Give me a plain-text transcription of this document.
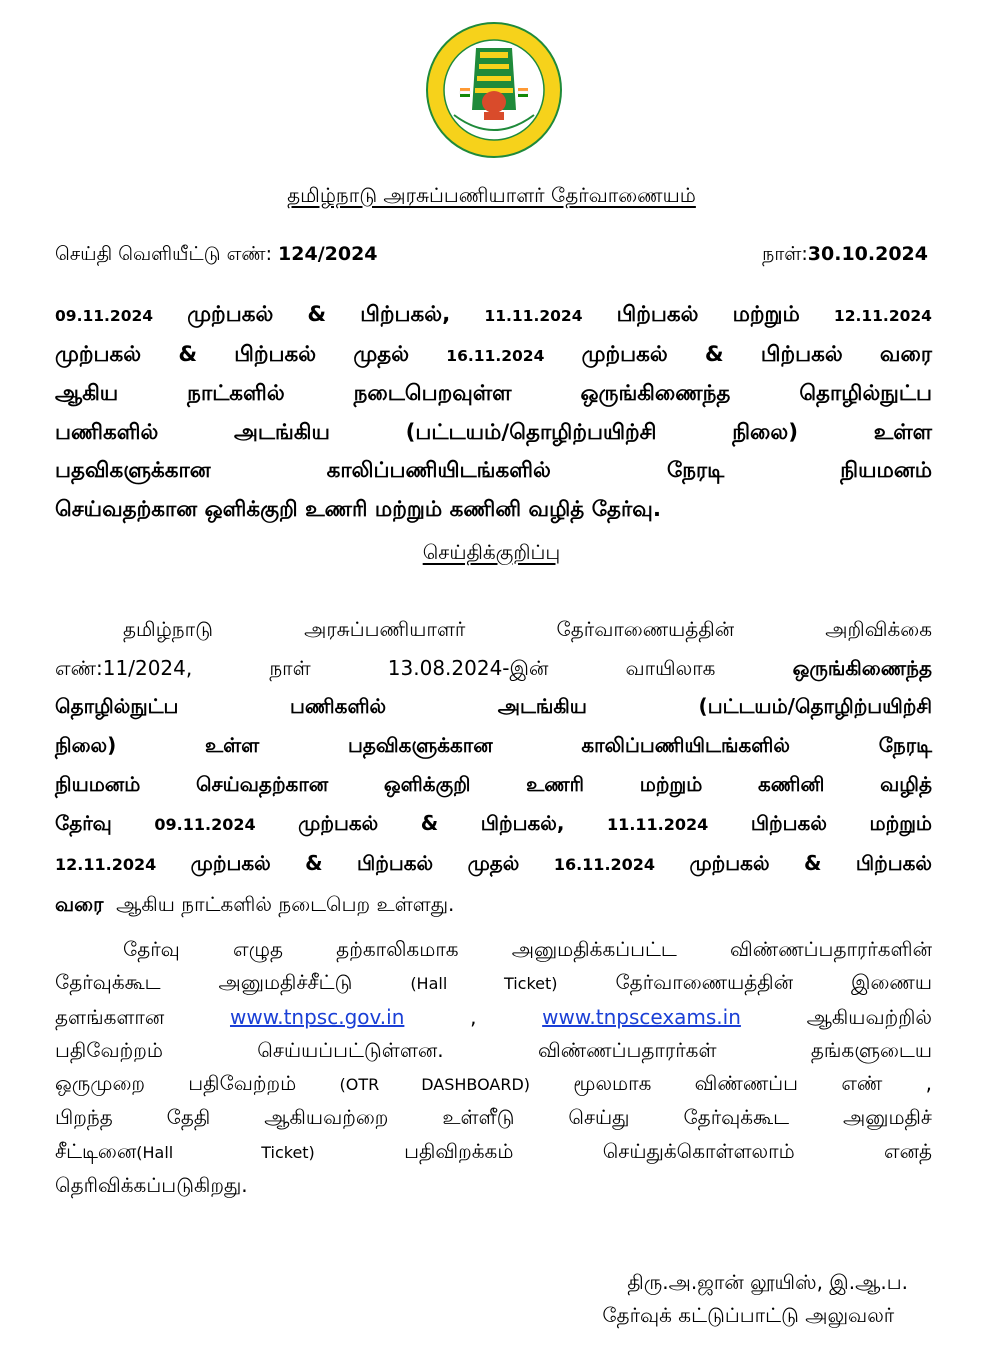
தமிழ்நாடு அரசுப்பணியாளர் தேர்வாணையம்
செய்தி வெளியீட்டு எண்: 124/2024	நாள்:30.10.2024
09.11.2024 முற்பகல் & பிற்பகல், 11.11.2024 பிற்பகல் மற்றும் 12.11.2024
முற்பகல் & பிற்பகல் முதல் 16.11.2024 முற்பகல் & பிற்பகல் வரை
ஆகிய நாட்களில் நடைபெறவுள்ள ஒருங்கிணைந்த தொழில்நுட்ப
பணிகளில் அடங்கிய (பட்டயம்/தொழிற்பயிற்சி நிலை) உள்ள
பதவிகளுக்கான காலிப்பணியிடங்களில் நேரடி நியமனம்
செய்வதற்கான ஒளிக்குறி உணரி மற்றும் கணினி வழித் தேர்வு.
செய்திக்குறிப்பு
தமிழ்நாடு அரசுப்பணியாளர் தேர்வாணையத்தின் அறிவிக்கை
எண்:11/2024, நாள் 13.08.2024-இன் வாயிலாக	ஒருங்கிணைந்த
தொழில்நுட்ப பணிகளில் அடங்கிய (பட்டயம்/தொழிற்பயிற்சி
நிலை) உள்ள பதவிகளுக்கான காலிப்பணியிடங்களில் நேரடி
நியமனம் செய்வதற்கான ஒளிக்குறி உணரி மற்றும் கணினி வழித்
தேர்வு	09.11.2024 முற்பகல் & பிற்பகல்,	11.11.2024 பிற்பகல் மற்றும்
12.11.2024 முற்பகல் & பிற்பகல் முதல் 16.11.2024 முற்பகல் & பிற்பகல்
வரை ஆகிய நாட்களில் நடைபெற உள்ளது.
தேர்வு எழுத தற்காலிகமாக அனுமதிக்கப்பட்ட விண்ணப்பதாரர்களின்
தேர்வுக்கூட அனுமதிச்சீட்டு	(Hall Ticket)	தேர்வாணையத்தின் இணைய
தளங்களான	www.tnpsc.gov.in	,	www.tnpscexams.in	ஆகியவற்றில்
பதிவேற்றம் செய்யப்பட்டுள்ளன. விண்ணப்பதாரர்கள் தங்களுடைய
ஒருமுறை பதிவேற்றம்	(OTR DASHBOARD) மூலமாக விண்ணப்ப எண் ,
பிறந்த தேதி ஆகியவற்றை உள்ளீடு செய்து தேர்வுக்கூட அனுமதிச்
சீட்டினை(Hall Ticket)	பதிவிறக்கம் செய்துக்கொள்ளலாம் எனத்
தெரிவிக்கப்படுகிறது.
திரு.அ.ஜான் லூயிஸ், இ.ஆ.ப.
தேர்வுக் கட்டுப்பாட்டு அலுவலர்
